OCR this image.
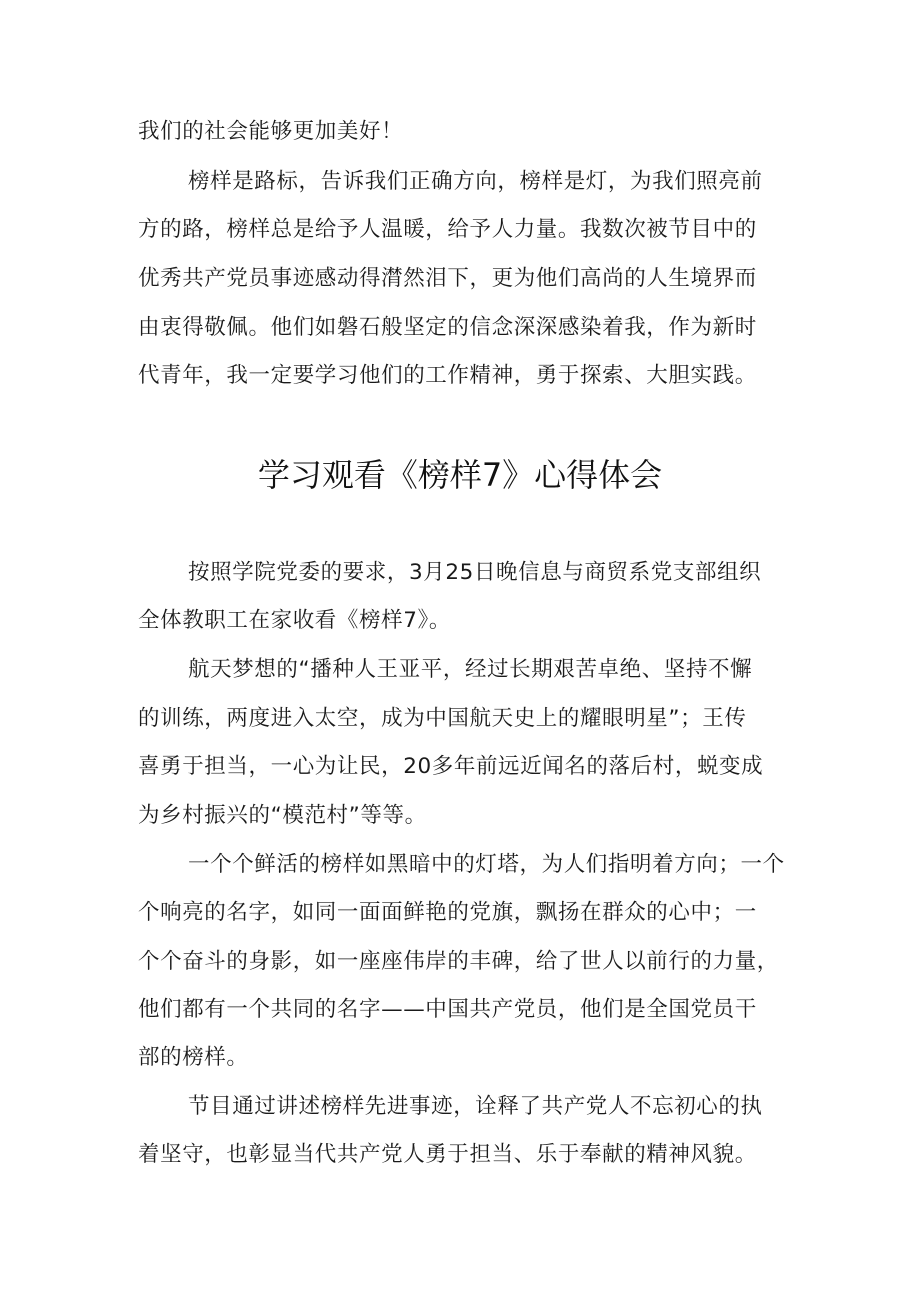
我们的社会能够更加美好！
榜样是路标，告诉我们正确方向，榜样是灯，为我们照亮前
方的路，榜样总是给予人温暖，给予人力量。我数次被节目中的
优秀共产党员事迹感动得潸然泪下，更为他们高尚的人生境界而
由衷得敬佩。他们如磐石般坚定的信念深深感染着我，作为新时
代青年，我一定要学习他们的工作精神，勇于探索、大胆实践。
学习观看《榜样7》心得体会
按照学院党委的要求，3月25日晚信息与商贸系党支部组织
全体教职工在家收看《榜样7》。
航天梦想的“播种人王亚平，经过长期艰苦卓绝、坚持不懈
的训练，两度进入太空，成为中国航天史上的耀眼明星”；王传
喜勇于担当，一心为让民，20多年前远近闻名的落后村，蜕变成
为乡村振兴的“模范村”等等。
一个个鲜活的榜样如黑暗中的灯塔，为人们指明着方向；一个
个响亮的名字，如同一面面鲜艳的党旗，飘扬在群众的心中；一
个个奋斗的身影，如一座座伟岸的丰碑，给了世人以前行的力量，
他们都有一个共同的名字——中国共产党员，他们是全国党员干
部的榜样。
节目通过讲述榜样先进事迹，诠释了共产党人不忘初心的执
着坚守，也彰显当代共产党人勇于担当、乐于奉献的精神风貌。
